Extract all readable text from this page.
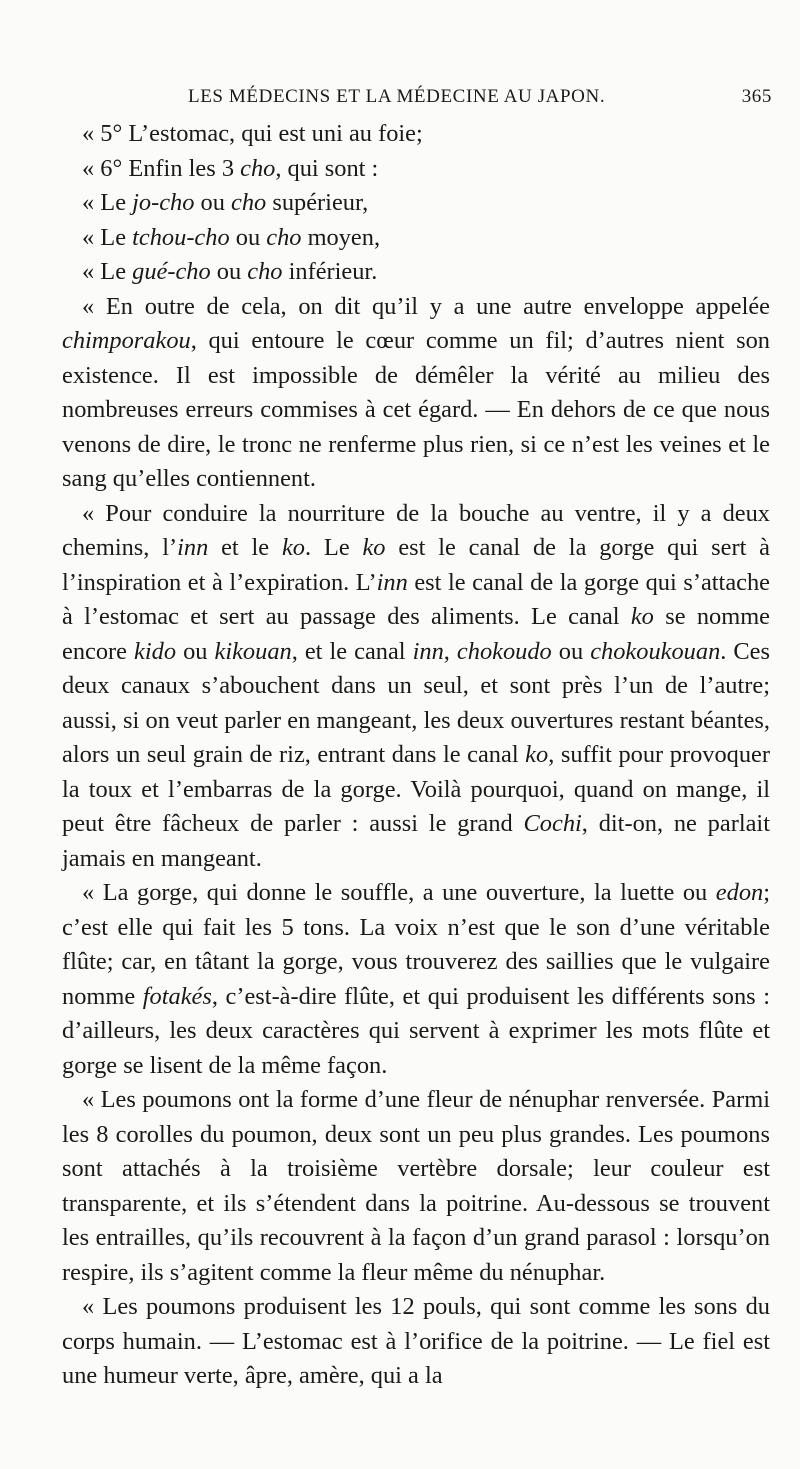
LES MÉDECINS ET LA MÉDECINE AU JAPON.	365

« 5° L’estomac, qui est uni au foie;

« 6° Enfin les 3 cho, qui sont :

« Le jo-cho ou cho supérieur,

« Le tchou-cho ou cho moyen,

« Le gué-cho ou cho inférieur.

« En outre de cela, on dit qu’il y a une autre enveloppe appelée chimporakou, qui entoure le cœur comme un fil; d’autres nient son existence. Il est impossible de démêler la vérité au milieu des nombreuses erreurs commises à cet égard. — En dehors de ce que nous venons de dire, le tronc ne renferme plus rien, si ce n’est les veines et le sang qu’elles contiennent.

« Pour conduire la nourriture de la bouche au ventre, il y a deux chemins, l’inn et le ko. Le ko est le canal de la gorge qui sert à l’inspiration et à l’expiration. L’inn est le canal de la gorge qui s’attache à l’estomac et sert au passage des aliments. Le canal ko se nomme encore kido ou kikouan, et le canal inn, chokoudo ou chokoukouan. Ces deux canaux s’abouchent dans un seul, et sont près l’un de l’autre; aussi, si on veut parler en mangeant, les deux ouvertures restant béantes, alors un seul grain de riz, entrant dans le canal ko, suffit pour provoquer la toux et l’embarras de la gorge. Voilà pourquoi, quand on mange, il peut être fâcheux de parler : aussi le grand Cochi, dit-on, ne parlait jamais en mangeant.

« La gorge, qui donne le souffle, a une ouverture, la luette ou edon; c’est elle qui fait les 5 tons. La voix n’est que le son d’une véritable flûte; car, en tâtant la gorge, vous trouverez des saillies que le vulgaire nomme fotakés, c’est-à-dire flûte, et qui produisent les différents sons : d’ailleurs, les deux caractères qui servent à exprimer les mots flûte et gorge se lisent de la même façon.

« Les poumons ont la forme d’une fleur de nénuphar renversée. Parmi les 8 corolles du poumon, deux sont un peu plus grandes. Les poumons sont attachés à la troisième vertèbre dorsale; leur couleur est transparente, et ils s’étendent dans la poitrine. Au-dessous se trouvent les entrailles, qu’ils recouvrent à la façon d’un grand parasol : lorsqu’on respire, ils s’agitent comme la fleur même du nénuphar.

« Les poumons produisent les 12 pouls, qui sont comme les sons du corps humain. — L’estomac est à l’orifice de la poitrine. — Le fiel est une humeur verte, âpre, amère, qui a la
